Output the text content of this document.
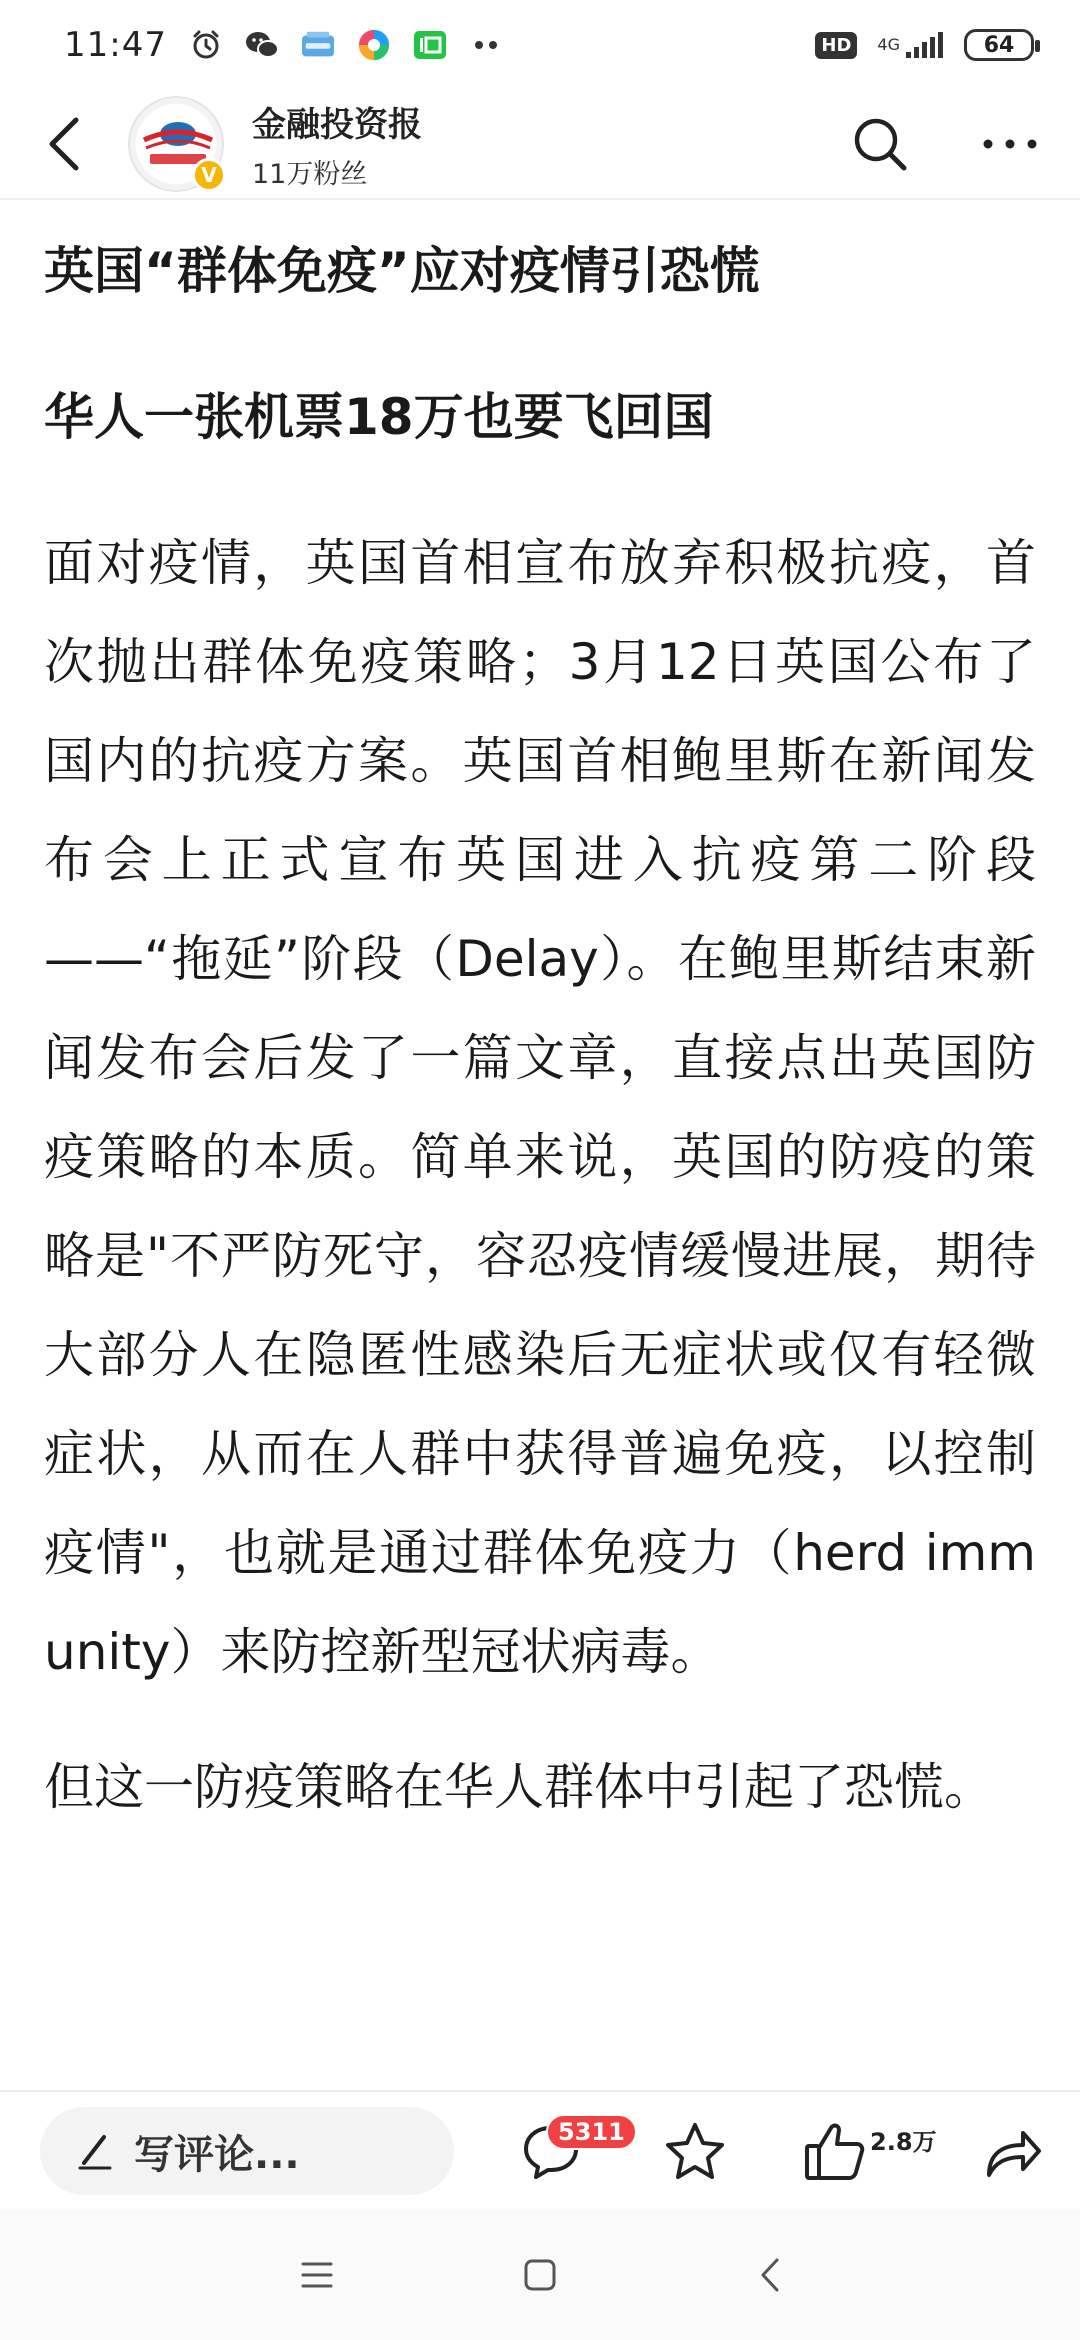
11:47	HD	4G	64
V
金融投资报
11万粉丝
英国“群体免疫”应对疫情引恐慌
华人一张机票18万也要飞回国

面对疫情，英国首相宣布放弃积极抗疫，首次抛出群体免疫策略；3月12日英国公布了国内的抗疫方案。英国首相鲍里斯在新闻发布会上正式宣布英国进入抗疫第二阶段——“拖延”阶段（Delay）。在鲍里斯结束新闻发布会后发了一篇文章，直接点出英国防疫策略的本质。简单来说，英国的防疫的策略是"不严防死守，容忍疫情缓慢进展，期待大部分人在隐匿性感染后无症状或仅有轻微症状，从而在人群中获得普遍免疫，以控制疫情"，也就是通过群体免疫力（herd immunity）来防控新型冠状病毒。

但这一防疫策略在华人群体中引起了恐慌。

写评论...	5311	2.8万
